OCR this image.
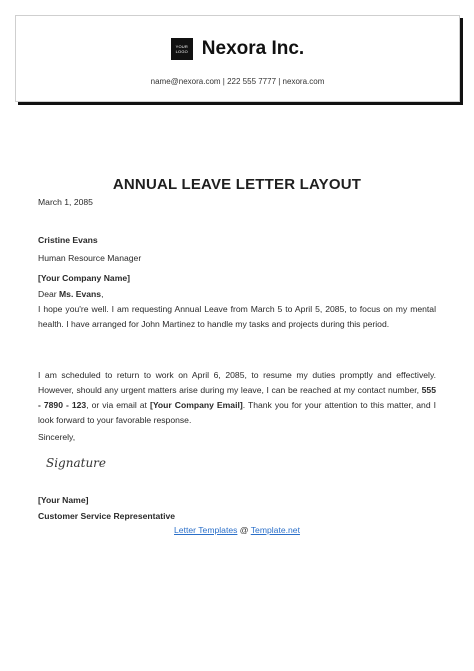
YOUR LOGO Nexora Inc.
name@nexora.com | 222 555 7777 | nexora.com
ANNUAL LEAVE LETTER LAYOUT
March 1, 2085
Cristine Evans
Human Resource Manager
[Your Company Name]
Dear Ms. Evans,
I hope you're well. I am requesting Annual Leave from March 5 to April 5, 2085, to focus on my mental health. I have arranged for John Martinez to handle my tasks and projects during this period.
I am scheduled to return to work on April 6, 2085, to resume my duties promptly and effectively. However, should any urgent matters arise during my leave, I can be reached at my contact number, 555 - 7890 - 123, or via email at [Your Company Email]. Thank you for your attention to this matter, and I look forward to your favorable response.
Sincerely,
Signature
[Your Name]
Customer Service Representative
Letter Templates @ Template.net
